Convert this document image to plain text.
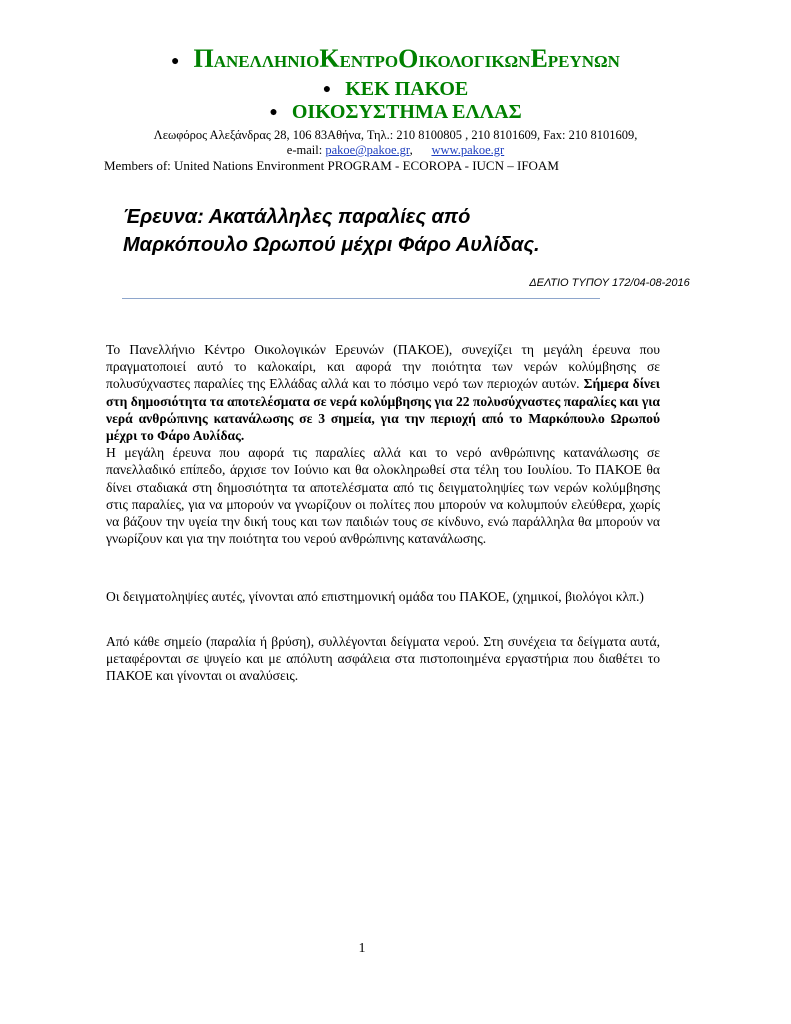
● ΠΑΝΕΛΛΗΝΙΟΚΕΝΤΡΟΟΙΚΟΛΟΓΙΚΩΝΕΡΕΥΝΩΝ
● ΚΕΚ ΠΑΚΟΕ
● ΟΙΚΟΣΥΣΤΗΜΑ ΕΛΛΑΣ
Λεωφόρος Αλεξάνδρας 28, 106 83Αθήνα, Τηλ.: 210 8100805 , 210 8101609, Fax: 210 8101609,
e-mail: pakoe@pakoe.gr,      www.pakoe.gr
Members of: United Nations Environment PROGRAM - ECOROPA - IUCN – IFOAM
Έρευνα: Ακατάλληλες παραλίες από
Μαρκόπουλο Ωρωπού μέχρι Φάρο Αυλίδας.
ΔΕΛΤΙΟ ΤΥΠΟΥ 172/04-08-2016

Το Πανελλήνιο Κέντρο Οικολογικών Ερευνών (ΠΑΚΟΕ), συνεχίζει τη μεγάλη έρευνα που πραγματοποιεί αυτό το καλοκαίρι, και αφορά την ποιότητα των νερών κολύμβησης σε πολυσύχναστες παραλίες της Ελλάδας αλλά και το πόσιμο νερό των περιοχών αυτών. Σήμερα δίνει στη δημοσιότητα τα αποτελέσματα σε νερά κολύμβησης για 22 πολυσύχναστες παραλίες και για νερά ανθρώπινης κατανάλωσης σε 3 σημεία, για την περιοχή από το Μαρκόπουλο Ωρωπού μέχρι το Φάρο Αυλίδας.
Η μεγάλη έρευνα που αφορά τις παραλίες αλλά και το νερό ανθρώπινης κατανάλωσης σε πανελλαδικό επίπεδο, άρχισε τον Ιούνιο και θα ολοκληρωθεί στα τέλη του Ιουλίου. Το ΠΑΚΟΕ θα δίνει σταδιακά στη δημοσιότητα τα αποτελέσματα από τις δειγματοληψίες των νερών κολύμβησης στις παραλίες, για να μπορούν να γνωρίζουν οι πολίτες που μπορούν να κολυμπούν ελεύθερα, χωρίς να βάζουν την υγεία την δική τους και των παιδιών τους σε κίνδυνο, ενώ παράλληλα θα μπορούν να γνωρίζουν και για την ποιότητα του νερού ανθρώπινης κατανάλωσης.

Οι δειγματοληψίες αυτές, γίνονται από επιστημονική ομάδα του ΠΑΚΟΕ, (χημικοί, βιολόγοι κλπ.)

Από κάθε σημείο (παραλία ή βρύση), συλλέγονται δείγματα νερού. Στη συνέχεια τα δείγματα αυτά, μεταφέρονται σε ψυγείο και με απόλυτη ασφάλεια στα πιστοποιημένα εργαστήρια που διαθέτει το ΠΑΚΟΕ και γίνονται οι αναλύσεις.

1
